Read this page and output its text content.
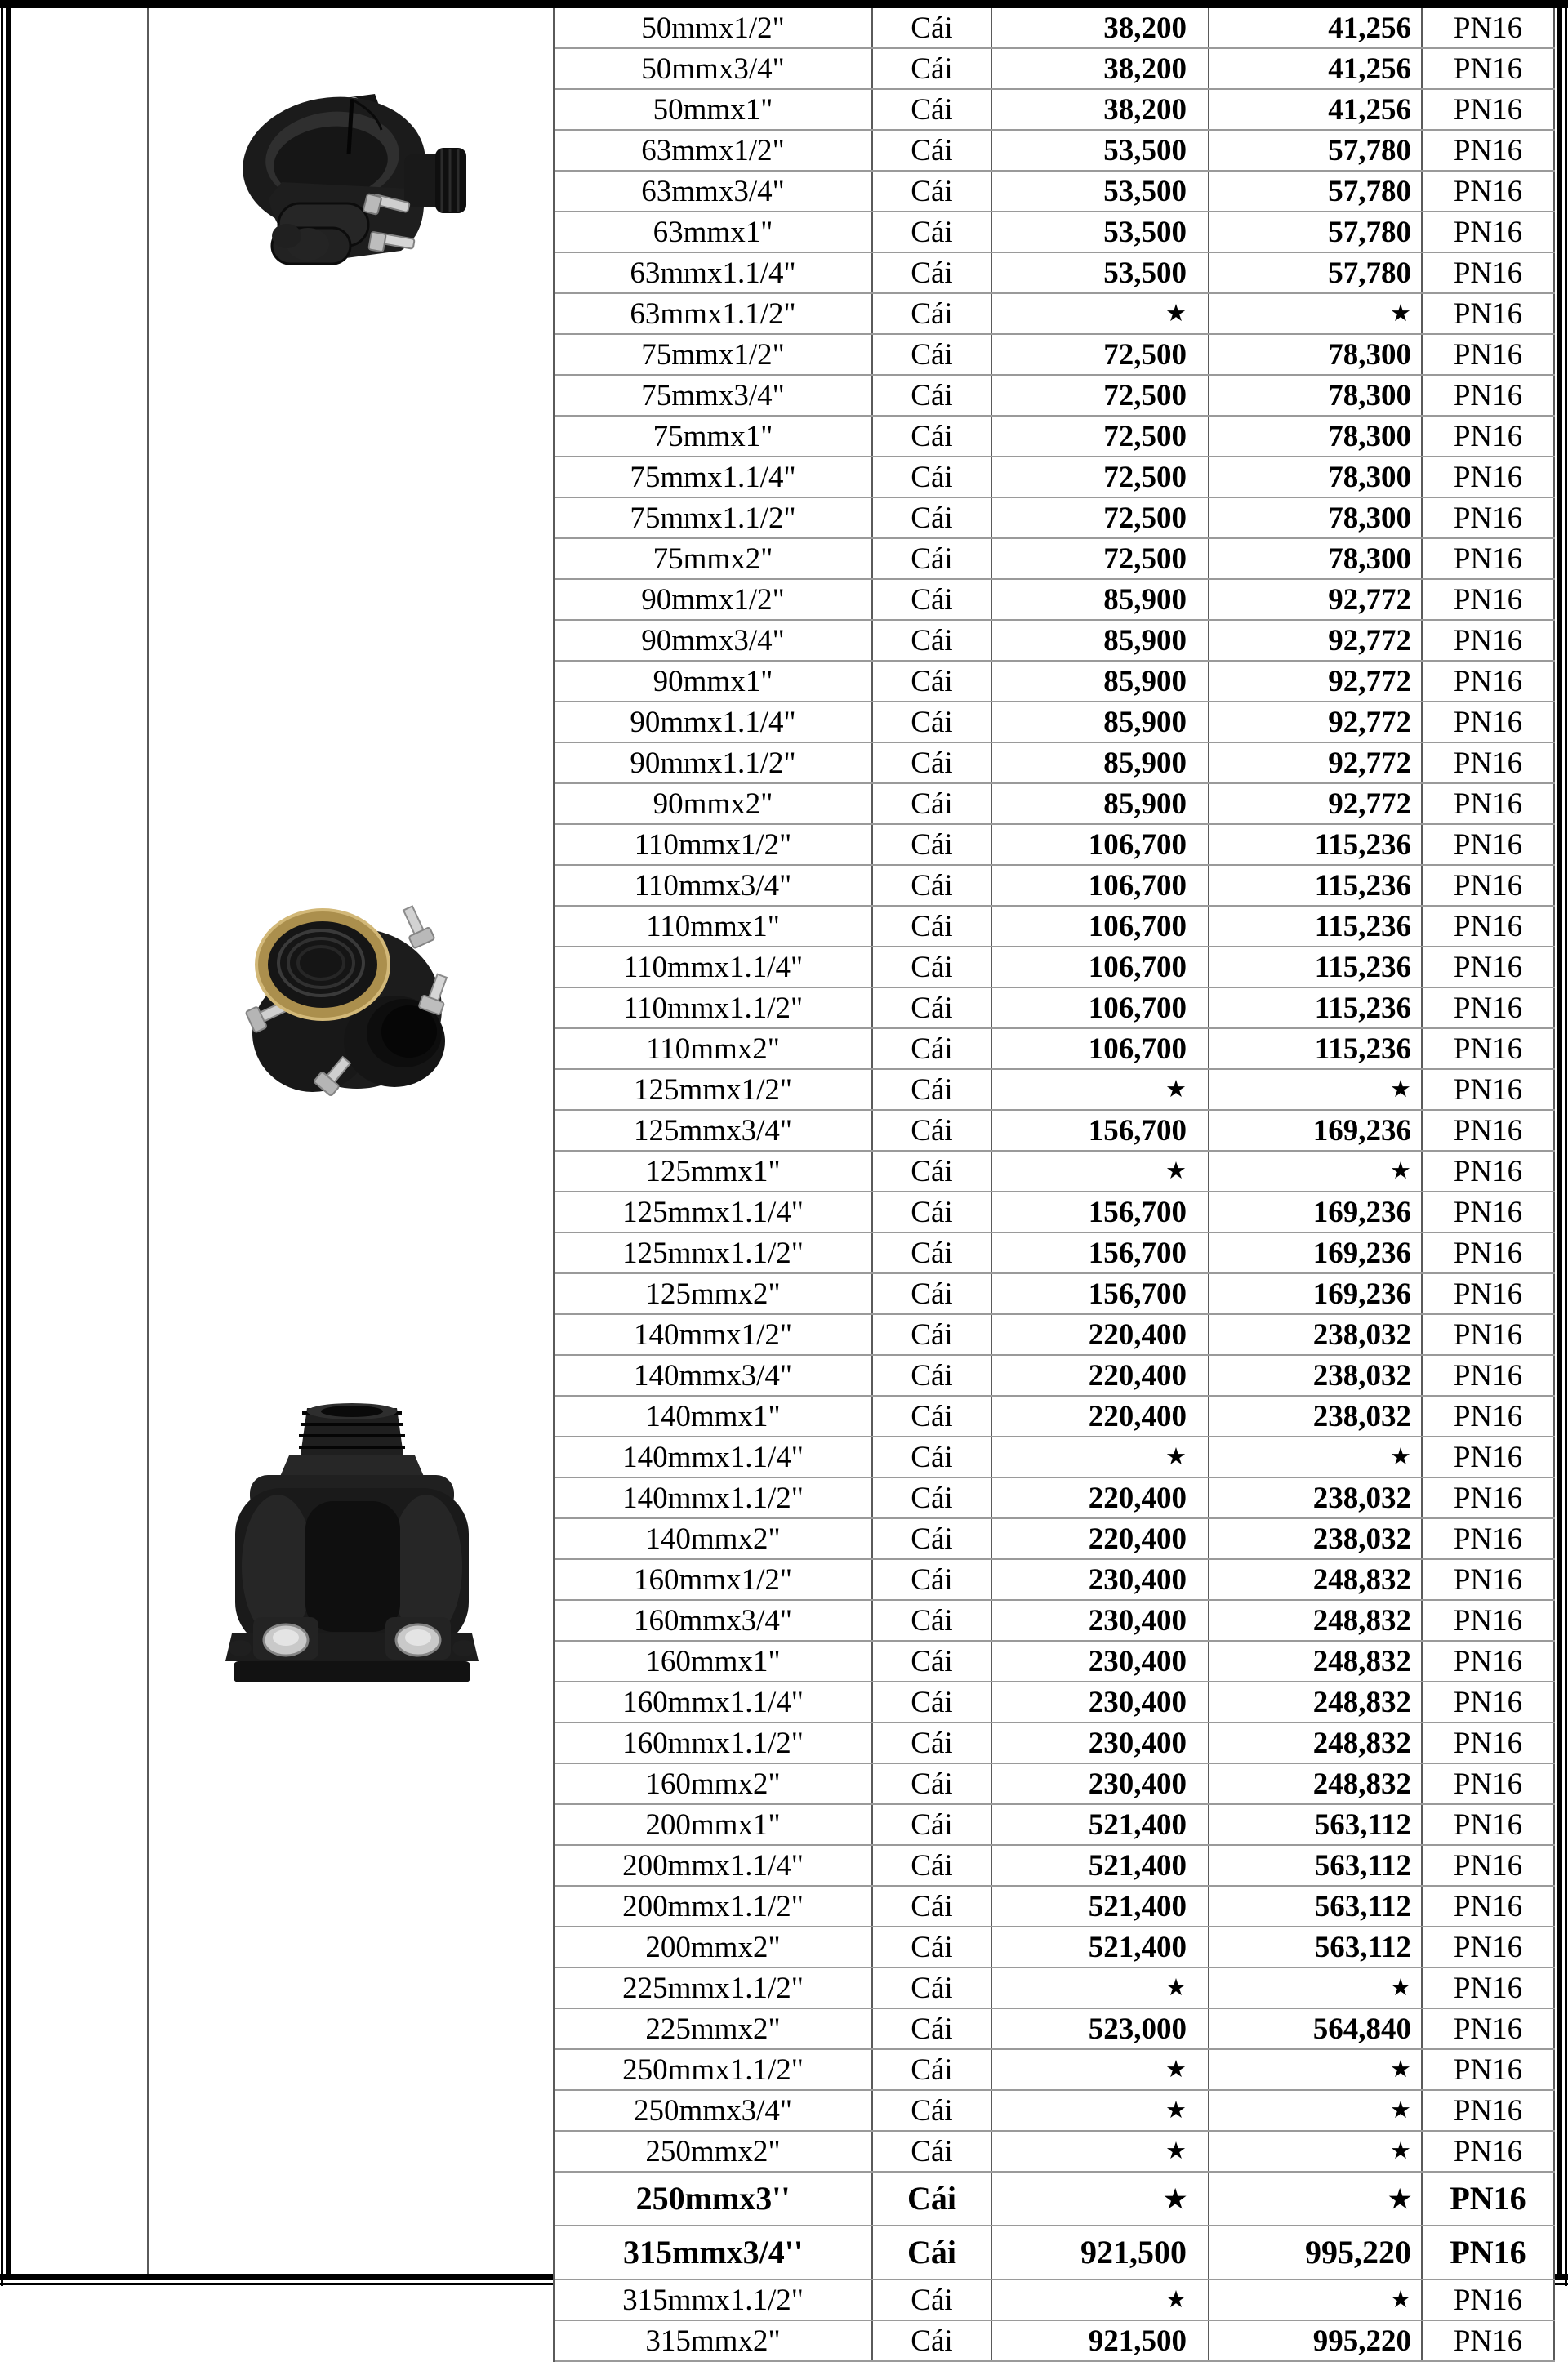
50mmx1/2"	Cái	38,200	41,256	PN16
50mmx3/4"	Cái	38,200	41,256	PN16
50mmx1"	Cái	38,200	41,256	PN16
63mmx1/2"	Cái	53,500	57,780	PN16
63mmx3/4"	Cái	53,500	57,780	PN16
63mmx1"	Cái	53,500	57,780	PN16
63mmx1.1/4"	Cái	53,500	57,780	PN16
63mmx1.1/2"	Cái	★	★	PN16
75mmx1/2"	Cái	72,500	78,300	PN16
75mmx3/4"	Cái	72,500	78,300	PN16
75mmx1"	Cái	72,500	78,300	PN16
75mmx1.1/4"	Cái	72,500	78,300	PN16
75mmx1.1/2"	Cái	72,500	78,300	PN16
75mmx2"	Cái	72,500	78,300	PN16
90mmx1/2"	Cái	85,900	92,772	PN16
90mmx3/4"	Cái	85,900	92,772	PN16
90mmx1"	Cái	85,900	92,772	PN16
90mmx1.1/4"	Cái	85,900	92,772	PN16
90mmx1.1/2"	Cái	85,900	92,772	PN16
90mmx2"	Cái	85,900	92,772	PN16
110mmx1/2"	Cái	106,700	115,236	PN16
110mmx3/4"	Cái	106,700	115,236	PN16
110mmx1"	Cái	106,700	115,236	PN16
110mmx1.1/4"	Cái	106,700	115,236	PN16
110mmx1.1/2"	Cái	106,700	115,236	PN16
110mmx2"	Cái	106,700	115,236	PN16
125mmx1/2"	Cái	★	★	PN16
125mmx3/4"	Cái	156,700	169,236	PN16
125mmx1"	Cái	★	★	PN16
125mmx1.1/4"	Cái	156,700	169,236	PN16
125mmx1.1/2"	Cái	156,700	169,236	PN16
125mmx2"	Cái	156,700	169,236	PN16
140mmx1/2"	Cái	220,400	238,032	PN16
140mmx3/4"	Cái	220,400	238,032	PN16
140mmx1"	Cái	220,400	238,032	PN16
140mmx1.1/4"	Cái	★	★	PN16
140mmx1.1/2"	Cái	220,400	238,032	PN16
140mmx2"	Cái	220,400	238,032	PN16
160mmx1/2"	Cái	230,400	248,832	PN16
160mmx3/4"	Cái	230,400	248,832	PN16
160mmx1"	Cái	230,400	248,832	PN16
160mmx1.1/4"	Cái	230,400	248,832	PN16
160mmx1.1/2"	Cái	230,400	248,832	PN16
160mmx2"	Cái	230,400	248,832	PN16
200mmx1"	Cái	521,400	563,112	PN16
200mmx1.1/4"	Cái	521,400	563,112	PN16
200mmx1.1/2"	Cái	521,400	563,112	PN16
200mmx2"	Cái	521,400	563,112	PN16
225mmx1.1/2"	Cái	★	★	PN16
225mmx2"	Cái	523,000	564,840	PN16
250mmx1.1/2"	Cái	★	★	PN16
250mmx3/4"	Cái	★	★	PN16
250mmx2"	Cái	★	★	PN16
250mmx3''	Cái	★	★	PN16
315mmx3/4''	Cái	921,500	995,220	PN16
315mmx1.1/2"	Cái	★	★	PN16
315mmx2"	Cái	921,500	995,220	PN16
